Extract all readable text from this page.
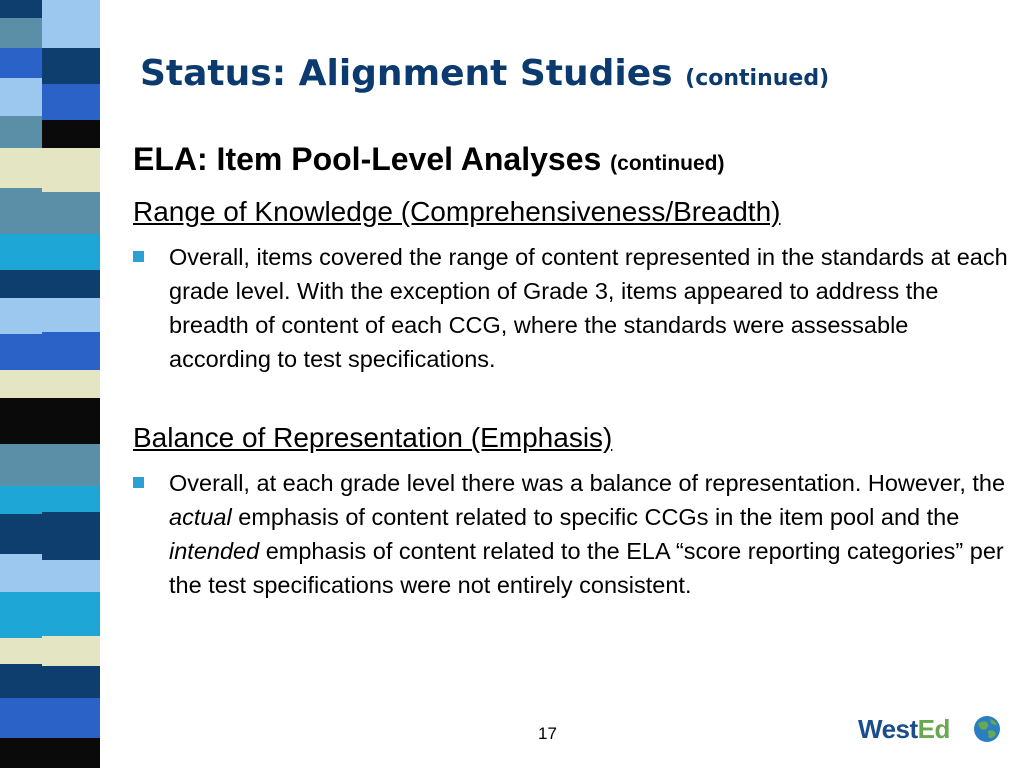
Status: Alignment Studies (continued)
ELA: Item Pool-Level Analyses (continued)

Range of Knowledge (Comprehensiveness/Breadth)

Overall, items covered the range of content represented in the standards at each grade level. With the exception of Grade 3, items appeared to address the breadth of content of each CCG, where the standards were assessable according to test specifications.

Balance of Representation (Emphasis)

Overall, at each grade level there was a balance of representation. However, the actual emphasis of content related to specific CCGs in the item pool and the intended emphasis of content related to the ELA “score reporting categories” per the test specifications were not entirely consistent.
17	WestEd
